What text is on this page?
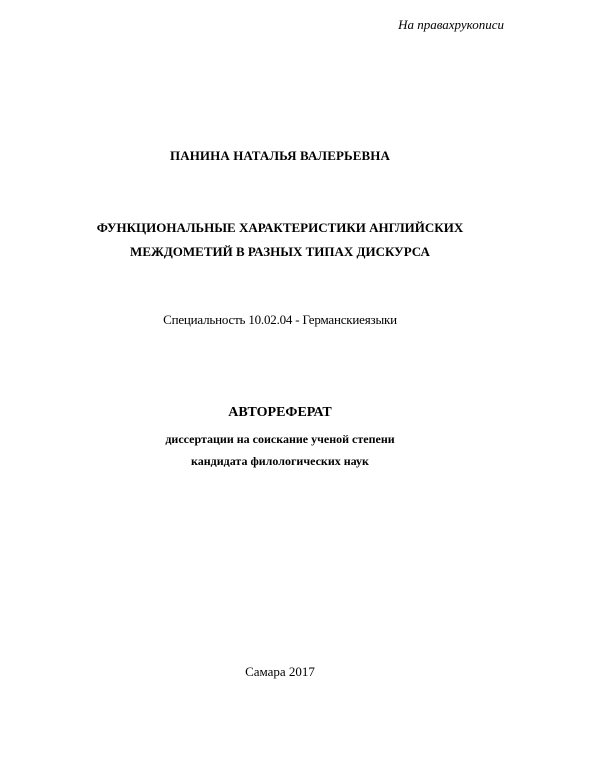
На правахрукописи
ПАНИНА НАТАЛЬЯ ВАЛЕРЬЕВНА
ФУНКЦИОНАЛЬНЫЕ ХАРАКТЕРИСТИКИ АНГЛИЙСКИХ
МЕЖДОМЕТИЙ В РАЗНЫХ ТИПАХ ДИСКУРСА
Специальность 10.02.04 - Германскиеязыки
АВТОРЕФЕРАТ
диссертации на соискание ученой степени
кандидата филологических наук
Самара 2017
